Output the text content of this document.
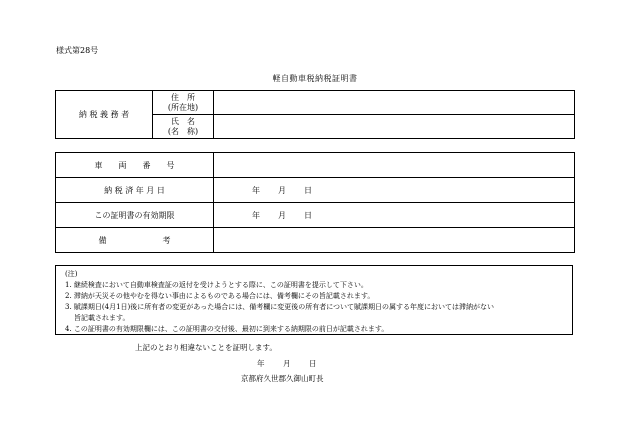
様式第28号
軽自動車税納税証明書
納 税 義 務 者	住　所
(所在地)	

	氏　名
(名　称)	

車　　両　　番　　号	
納 税 済 年 月 日	年 月 日
この証明書の有効期限	年 月 日
備　　　　　　　考	
(注)
1. 継続検査において自動車検査証の返付を受けようとする際に、この証明書を提示して下さい。
2. 滞納が天災その他やむを得ない事由によるものである場合には、備考欄にその旨記載されます。
3. 賦課期日(4月1日)後に所有者の変更があった場合には、備考欄に変更後の所有者について賦課期日の属する年度においては滞納がない
旨記載されます。
4. この証明書の有効期限欄には、この証明書の交付後、最初に到来する納期限の前日が記載されます。
上記のとおり相違ないことを証明します。
年 月 日
京都府久世郡久御山町長
